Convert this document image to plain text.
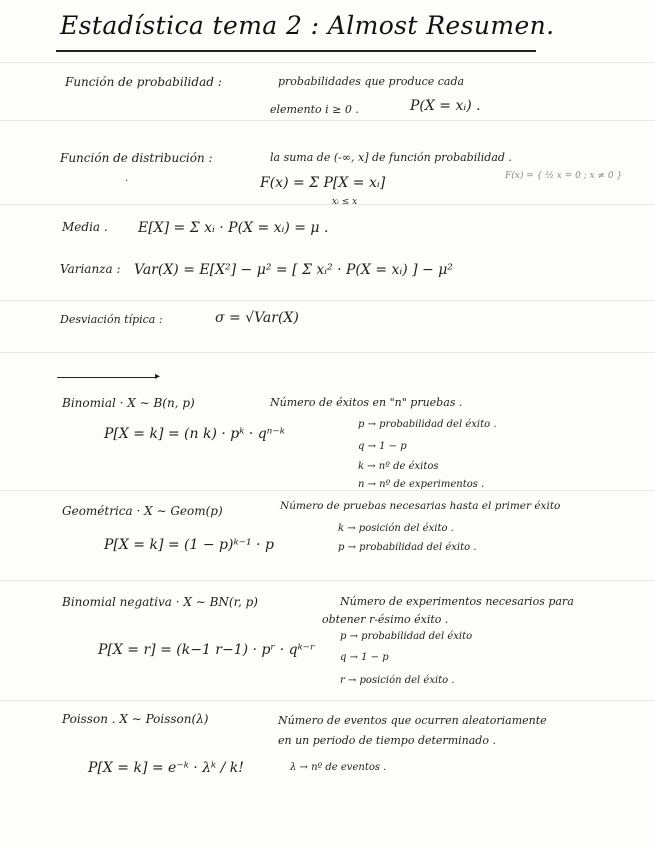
Estadística tema 2 : Almost Resumen.
Función de probabilidad :	probabilidades que produce cada
elemento i ≥ 0 .	P(X = xᵢ) .
Función de distribución :	la suma de (-∞, x] de función probabilidad .
·	F(x) = Σ P[X = xᵢ]
xᵢ ≤ x
F(x) = { ½ x = 0 ; x ≠ 0 }
Media . E[X] = Σ xᵢ · P(X = xᵢ) = μ .
Varianza : Var(X) = E[X²] − μ² = [ Σ xᵢ² · P(X = xᵢ) ] − μ²
Desviación típica :	σ = √Var(X)
▸
Binomial · X ∼ B(n, p)	Número de éxitos en "n" pruebas .
P[X = k] = (n k) · pᵏ · qⁿ⁻ᵏ
p → probabilidad del éxito .
q → 1 − p
k → nº de éxitos
n → nº de experimentos .
Geométrica · X ∼ Geom(p)	Número de pruebas necesarias hasta el primer éxito
P[X = k] = (1 − p)ᵏ⁻¹ · p
k → posición del éxito .
p → probabilidad del éxito .
Binomial negativa · X ∼ BN(r, p)	Número de experimentos necesarios para
obtener r-ésimo éxito .
P[X = r] = (k−1 r−1) · pʳ · qᵏ⁻ʳ
p → probabilidad del éxito
q → 1 − p
r → posición del éxito .
Poisson . X ∼ Poisson(λ)	Número de eventos que ocurren aleatoriamente
en un periodo de tiempo determinado .
P[X = k] = e⁻ᵏ · λᵏ / k!	λ → nº de eventos .
